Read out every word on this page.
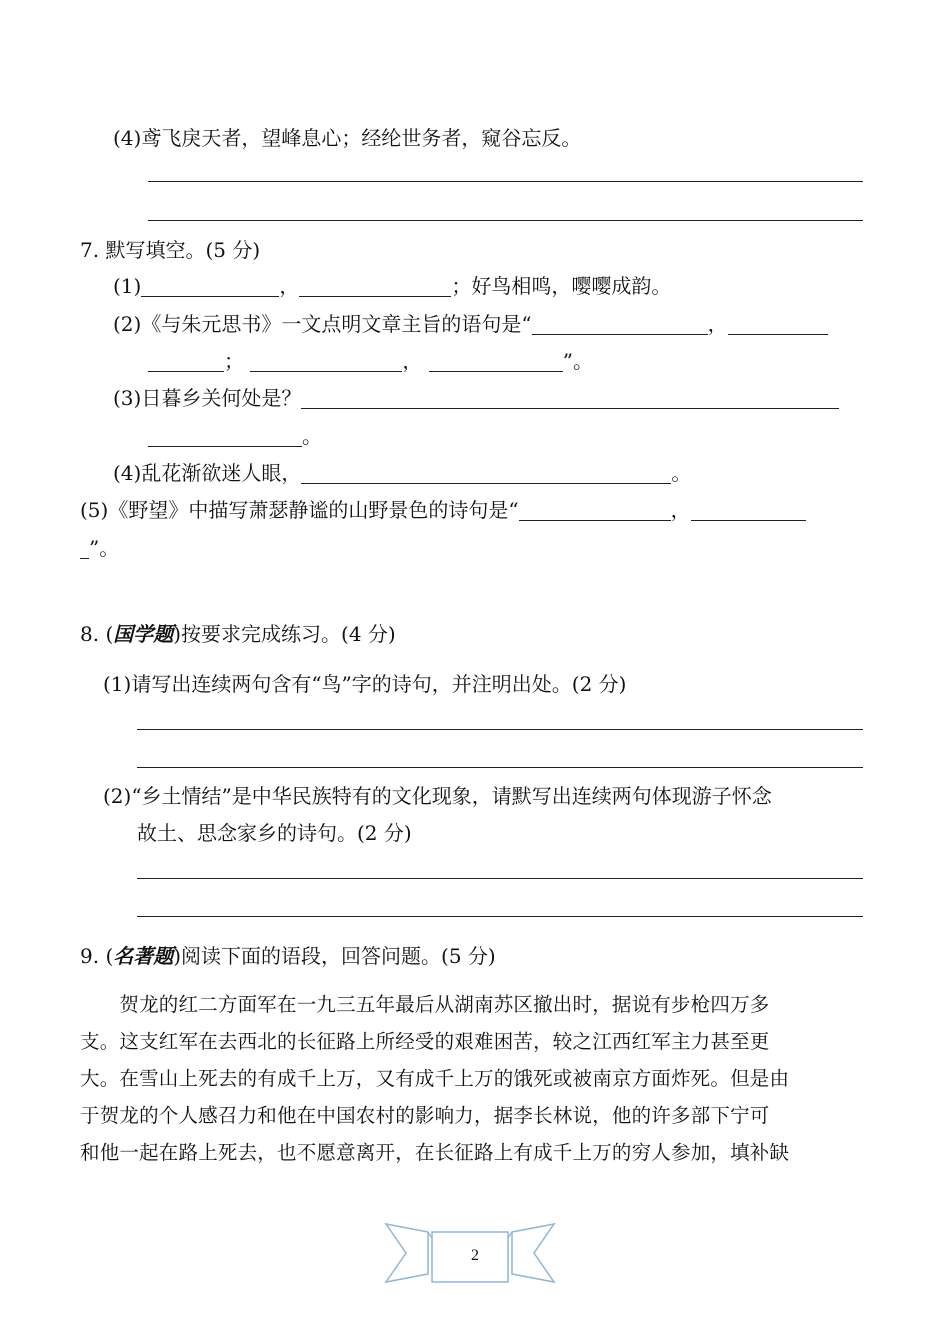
(4)鸢飞戾天者，望峰息心；经纶世务者，窥谷忘反。
7. 默写填空。(5 分)
(1)	，	；好鸟相鸣，嘤嘤成韵。
(2)《与朱元思书》一文点明文章主旨的语句是“	，
；	，	”。
(3)日暮乡关何处是？
。
(4)乱花渐欲迷人眼，	。
(5)《野望》中描写萧瑟静谧的山野景色的诗句是“	，
”。
8. (国学题)按要求完成练习。(4 分)
(1)请写出连续两句含有“鸟”字的诗句，并注明出处。(2 分)
(2)“乡土情结”是中华民族特有的文化现象，请默写出连续两句体现游子怀念
故土、思念家乡的诗句。(2 分)
9. (名著题)阅读下面的语段，回答问题。(5 分)
　　贺龙的红二方面军在一九三五年最后从湖南苏区撤出时，据说有步枪四万多
支。这支红军在去西北的长征路上所经受的艰难困苦，较之江西红军主力甚至更
大。在雪山上死去的有成千上万，又有成千上万的饿死或被南京方面炸死。但是由
于贺龙的个人感召力和他在中国农村的影响力，据李长林说，他的许多部下宁可
和他一起在路上死去，也不愿意离开，在长征路上有成千上万的穷人参加，填补缺
2
